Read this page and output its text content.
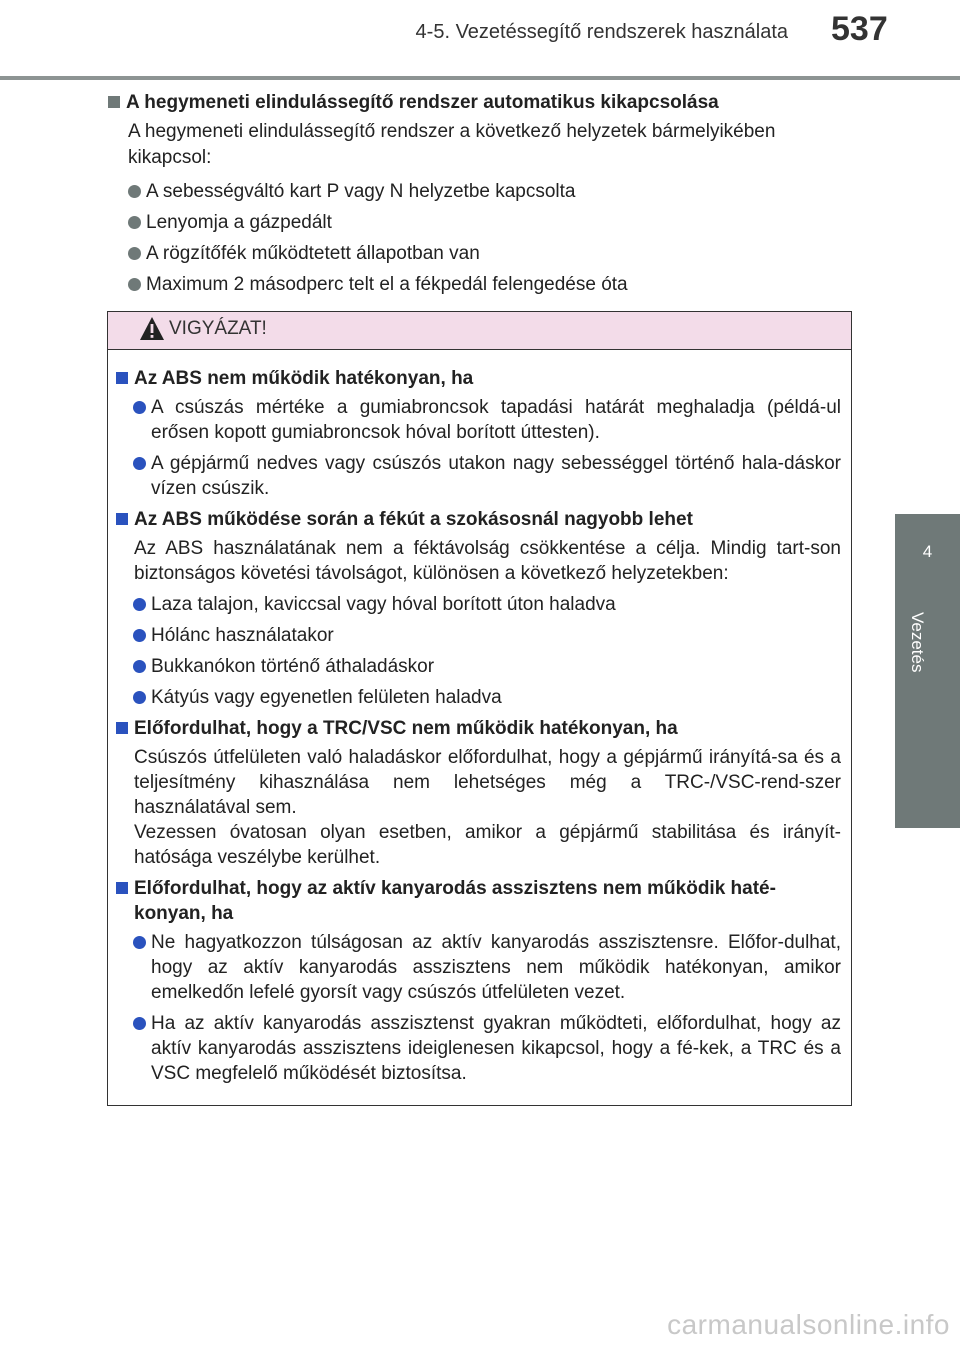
4-5. Vezetéssegítő rendszerek használata 537
4
Vezetés
A hegymeneti elindulássegítő rendszer automatikus kikapcsolása
A hegymeneti elindulássegítő rendszer a következő helyzetek bármelyikében kikapcsol:
A sebességváltó kart P vagy N helyzetbe kapcsolta
Lenyomja a gázpedált
A rögzítőfék működtetett állapotban van
Maximum 2 másodperc telt el a fékpedál felengedése óta
VIGYÁZAT!
Az ABS nem működik hatékonyan, ha
A csúszás mértéke a gumiabroncsok tapadási határát meghaladja (példá-ul erősen kopott gumiabroncsok hóval borított úttesten).
A gépjármű nedves vagy csúszós utakon nagy sebességgel történő hala-dáskor vízen csúszik.
Az ABS működése során a fékút a szokásosnál nagyobb lehet
Az ABS használatának nem a féktávolság csökkentése a célja. Mindig tart-son biztonságos követési távolságot, különösen a következő helyzetekben:
Laza talajon, kaviccsal vagy hóval borított úton haladva
Hólánc használatakor
Bukkanókon történő áthaladáskor
Kátyús vagy egyenetlen felületen haladva
Előfordulhat, hogy a TRC/VSC nem működik hatékonyan, ha
Csúszós útfelületen való haladáskor előfordulhat, hogy a gépjármű irányítá-sa és a teljesítmény kihasználása nem lehetséges még a TRC-/VSC-rend-szer használatával sem.
Vezessen óvatosan olyan esetben, amikor a gépjármű stabilitása és irányít-hatósága veszélybe kerülhet.
Előfordulhat, hogy az aktív kanyarodás asszisztens nem működik haté-konyan, ha
Ne hagyatkozzon túlságosan az aktív kanyarodás asszisztensre. Előfor-dulhat, hogy az aktív kanyarodás asszisztens nem működik hatékonyan, amikor emelkedőn lefelé gyorsít vagy csúszós útfelületen vezet.
Ha az aktív kanyarodás asszisztenst gyakran működteti, előfordulhat, hogy az aktív kanyarodás asszisztens ideiglenesen kikapcsol, hogy a fé-kek, a TRC és a VSC megfelelő működését biztosítsa.
carmanualsonline.info
